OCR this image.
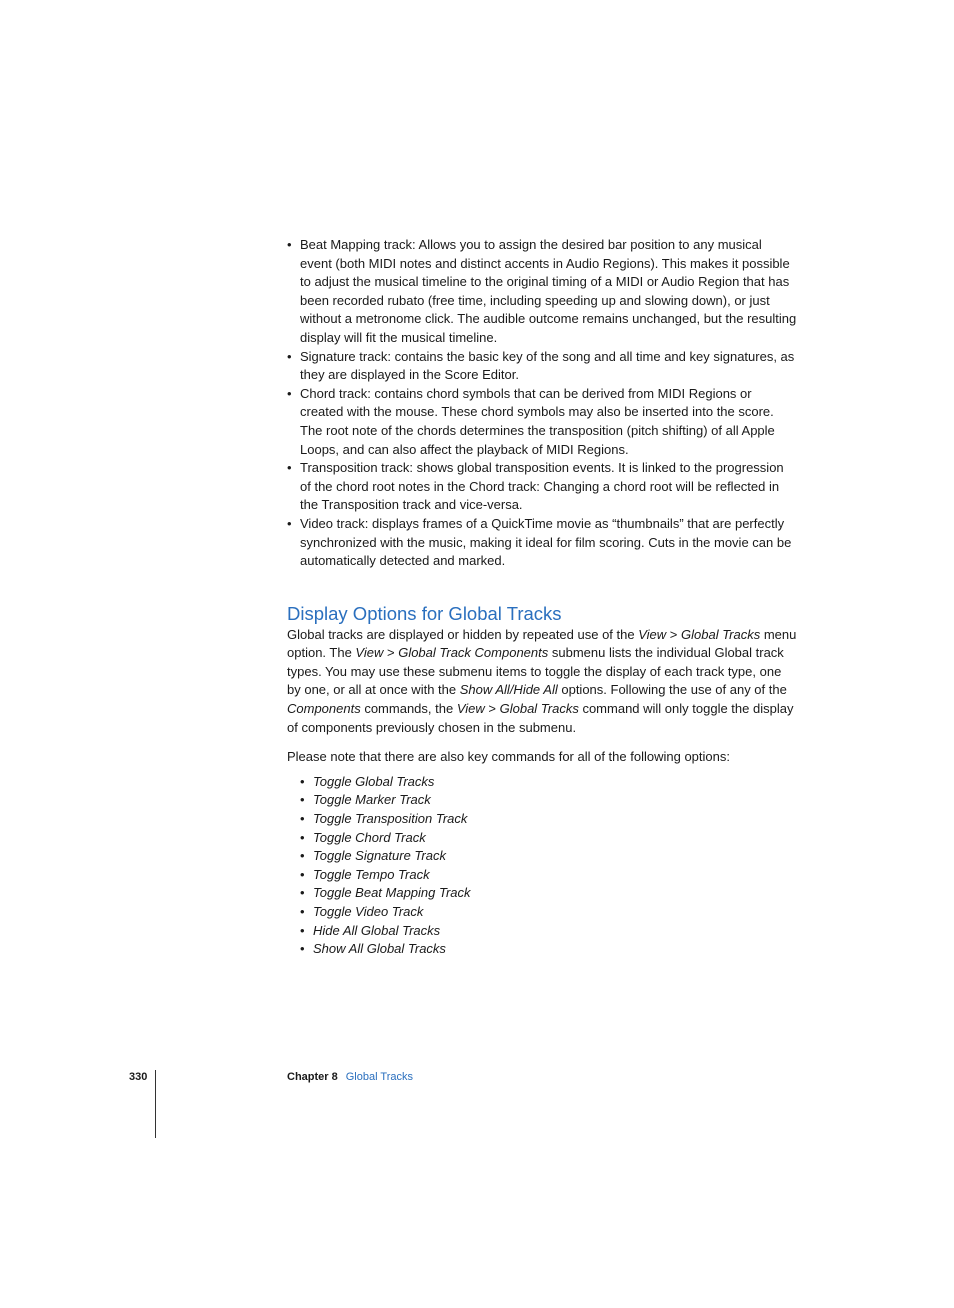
• Beat Mapping track: Allows you to assign the desired bar position to any musical event (both MIDI notes and distinct accents in Audio Regions). This makes it possible to adjust the musical timeline to the original timing of a MIDI or Audio Region that has been recorded rubato (free time, including speeding up and slowing down), or just without a metronome click. The audible outcome remains unchanged, but the resulting display will fit the musical timeline.
• Signature track: contains the basic key of the song and all time and key signatures, as they are displayed in the Score Editor.
• Chord track: contains chord symbols that can be derived from MIDI Regions or created with the mouse. These chord symbols may also be inserted into the score. The root note of the chords determines the transposition (pitch shifting) of all Apple Loops, and can also affect the playback of MIDI Regions.
• Transposition track: shows global transposition events. It is linked to the progression of the chord root notes in the Chord track: Changing a chord root will be reflected in the Transposition track and vice-versa.
• Video track: displays frames of a QuickTime movie as “thumbnails” that are perfectly synchronized with the music, making it ideal for film scoring. Cuts in the movie can be automatically detected and marked.
Display Options for Global Tracks

Global tracks are displayed or hidden by repeated use of the View > Global Tracks menu option. The View > Global Track Components submenu lists the individual Global track types. You may use these submenu items to toggle the display of each track type, one by one, or all at once with the Show All/Hide All options. Following the use of any of the Components commands, the View > Global Tracks command will only toggle the display of components previously chosen in the submenu.

Please note that there are also key commands for all of the following options:

• Toggle Global Tracks
• Toggle Marker Track
• Toggle Transposition Track
• Toggle Chord Track
• Toggle Signature Track
• Toggle Tempo Track
• Toggle Beat Mapping Track
• Toggle Video Track
• Hide All Global Tracks
• Show All Global Tracks
330	Chapter 8 Global Tracks
